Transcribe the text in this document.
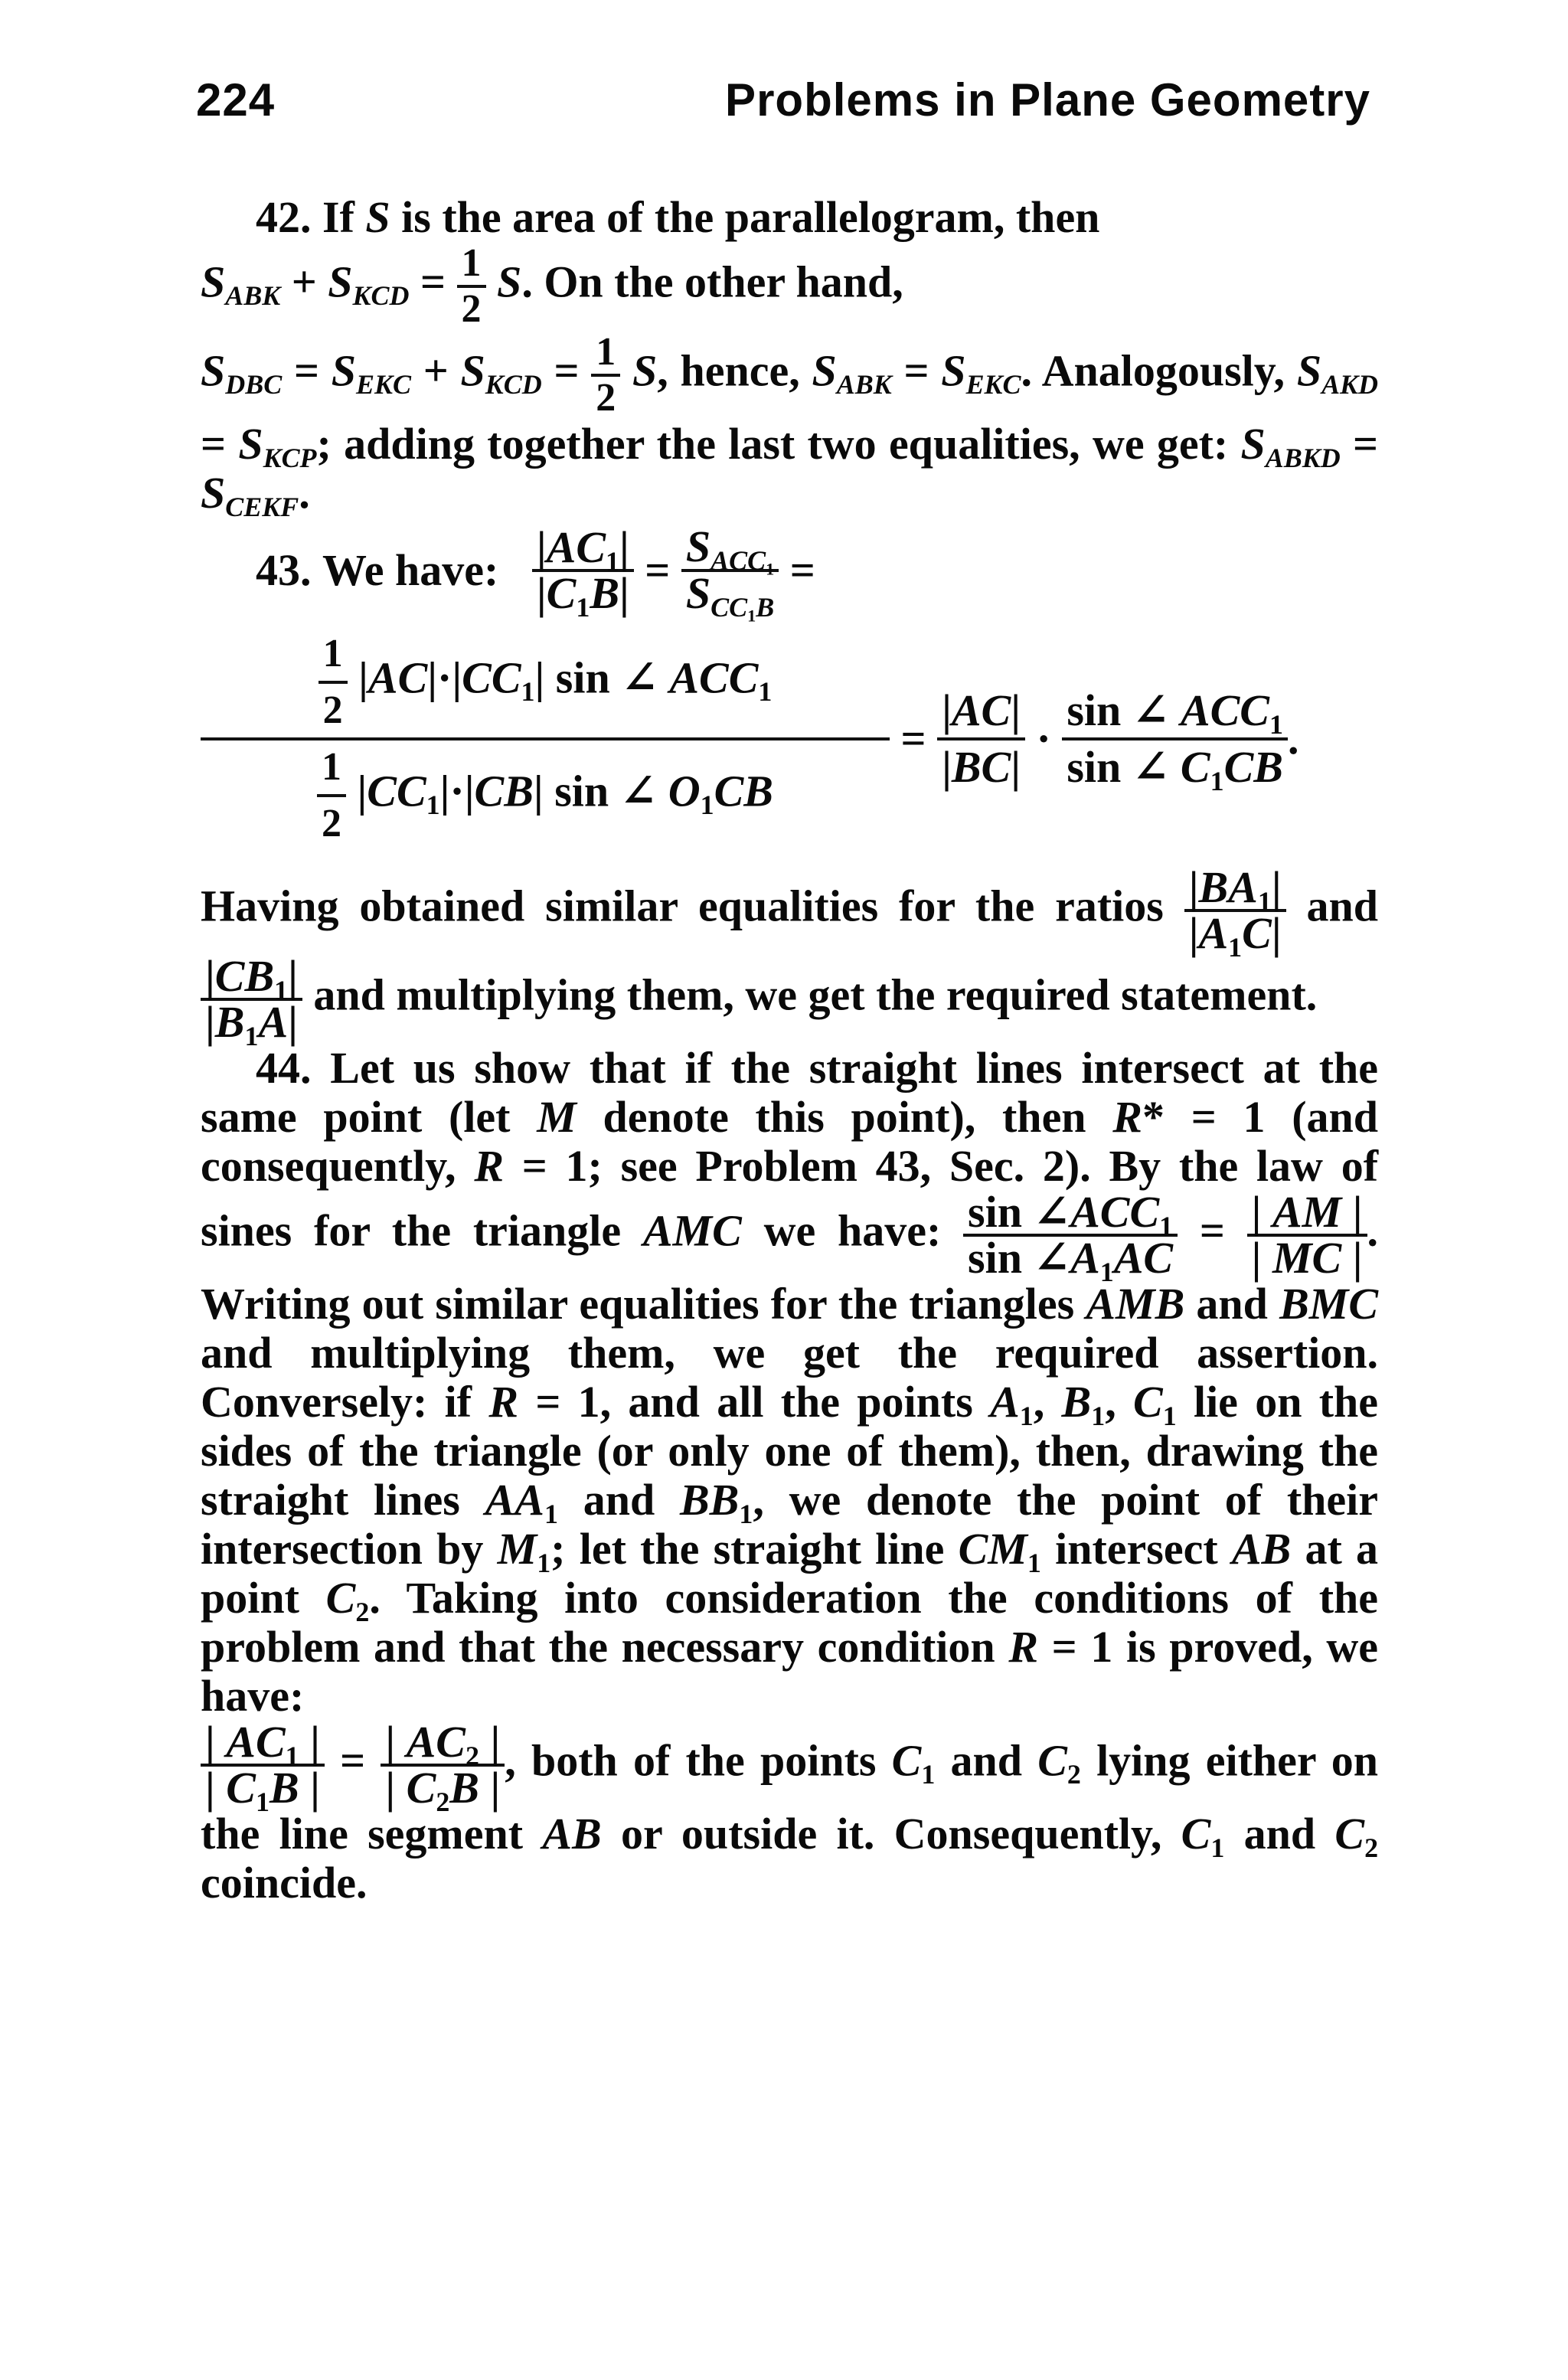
224	Problems in Plane Geometry

42. If S is the area of the parallelogram, then

$S_{ABK} + S_{KCD} = \frac{1}{2} S$. On the other hand,

$S_{DBC} = S_{EKC} + S_{KCD} = \frac{1}{2} S$, hence, $S_{ABK} = S_{EKC}$. Analogously, $S_{AKD} = S_{KCP}$; adding together the last two equalities, we get: $S_{ABKD} = S_{CEKF}$.

43.
We have:
$\frac{|AC_1|}{|C_1B|} = \frac{S_{ACC_1}}{S_{CC_1B}}$ =
$\frac{\frac{1}{2} |AC|\cdot|CC_1| \sin \angle ACC_1}{\frac{1}{2} |CC_1|\cdot|CB| \sin \angle O_1CB} = \frac{|AC|}{|BC|} \cdot \frac{\sin \angle ACC_1}{\sin \angle C_1CB}$ .

Having obtained similar equalities for the ratios $\frac{|BA_1|}{|A_1C|}$ and
$\frac{|CB_1|}{|B_1A|}$ and multiplying them, we get the required statement.

44. Let us show that if the straight lines intersect at the same point (let M denote this point), then R* = 1 (and consequently, R = 1; see Problem 43, Sec. 2). By the law of sines for the triangle AMC we have: $\frac{\sin \angle ACC_1}{\sin \angle A_1AC} = \frac{| AM |}{| MC |}$ . Writing out similar equalities for the triangles AMB and BMC and multiplying them, we get the required assertion. Conversely: if R = 1, and all the points $A_1$, $B_1$, $C_1$ lie on the sides of the triangle (or only one of them), then, drawing the straight lines $AA_1$ and $BB_1$, we denote the point of their intersection by $M_1$; let the straight line $CM_1$ intersect AB at a point $C_2$. Taking into consideration the conditions of the problem and that the necessary condition R = 1 is proved, we have:

$\frac{| AC_1 |}{| C_1B |} = \frac{| AC_2 |}{| C_2B |}$ , both of the points $C_1$ and $C_2$ lying either on the line segment AB or outside it. Consequently, $C_1$ and $C_2$ coincide.
